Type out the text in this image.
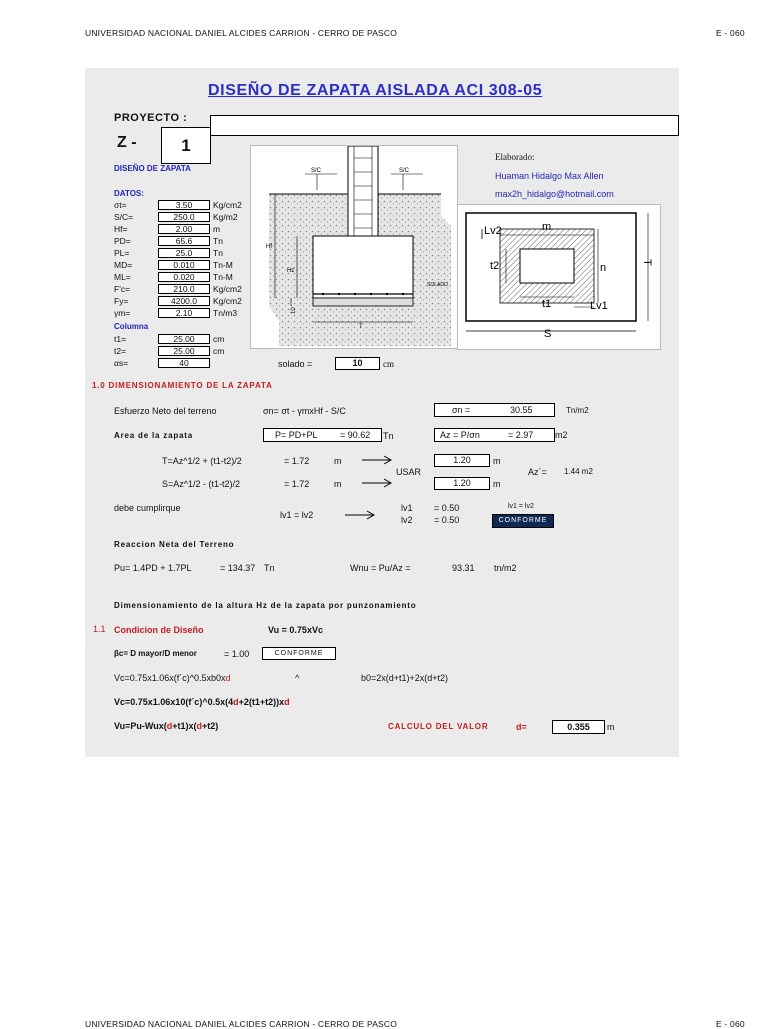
UNIVERSIDAD NACIONAL DANIEL ALCIDES CARRION - CERRO DE PASCO	E - 060
DISEÑO DE ZAPATA AISLADA ACI 308-05
PROYECTO :
Z -	1
DISEÑO DE ZAPATA
DATOS:
σt=	3.50	Kg/cm2
S/C=	250.0	Kg/m2
Hf=	2.00	m
PD=	65.6	Tn
PL=	25.0	Tn
MD=	0.010	Tn-M
ML=	0.020	Tn-M
F'c=	210.0	Kg/cm2
Fy=	4200.0	Kg/cm2
γm=	2.10	Tn/m3
Columna
t1=	25.00	cm
t2=	25.00	cm
αs=	40
S/C	S/C
Hf
Hz
SOLADO
10
T
Elaborado:
Huaman Hidalgo Max Allen
max2h_hidalgo@hotmail.com
Lv2	m
t2	n	T
t1	Lv1
S
solado =	10	cm
1.0 DIMENSIONAMIENTO DE LA ZAPATA
Esfuerzo Neto del terreno	σn= σt - γmxHf - S/C	σn =	30.55	Tn/m2
Area de la zapata	P= PD+PL = 90.62 Tn	Az = P/σn	= 2.97 m2
T=Az^1/2 + (t1-t2)/2	= 1.72	m	1.20	m
USAR	Az´= 1.44 m2
S=Az^1/2 - (t1-t2)/2	= 1.72	m	1.20	m
debe cumplirque
lv1 = lv2
lv1 = 0.50
lv2 = 0.50
lv1 = lv2
CONFORME
Reaccion Neta del Terreno
Pu= 1.4PD + 1.7PL	= 134.37 Tn	Wnu = Pu/Az =	93.31 tn/m2
Dimensionamiento de la altura Hz de la zapata por punzonamiento
1.1 Condicion de Diseño	Vu = 0.75xVc
βc= D mayor/D menor	= 1.00	CONFORME
Vc=0.75x1.06x(f´c)^0.5xb0xd	^	b0=2x(d+t1)+2x(d+t2)
Vc=0.75x1.06x10(f´c)^0.5x(4d+2(t1+t2))xd
Vu=Pu-Wux(d+t1)x(d+t2)	CALCULO DEL VALOR	d=	0.355	m
UNIVERSIDAD NACIONAL DANIEL ALCIDES CARRION - CERRO DE PASCO	E - 060
